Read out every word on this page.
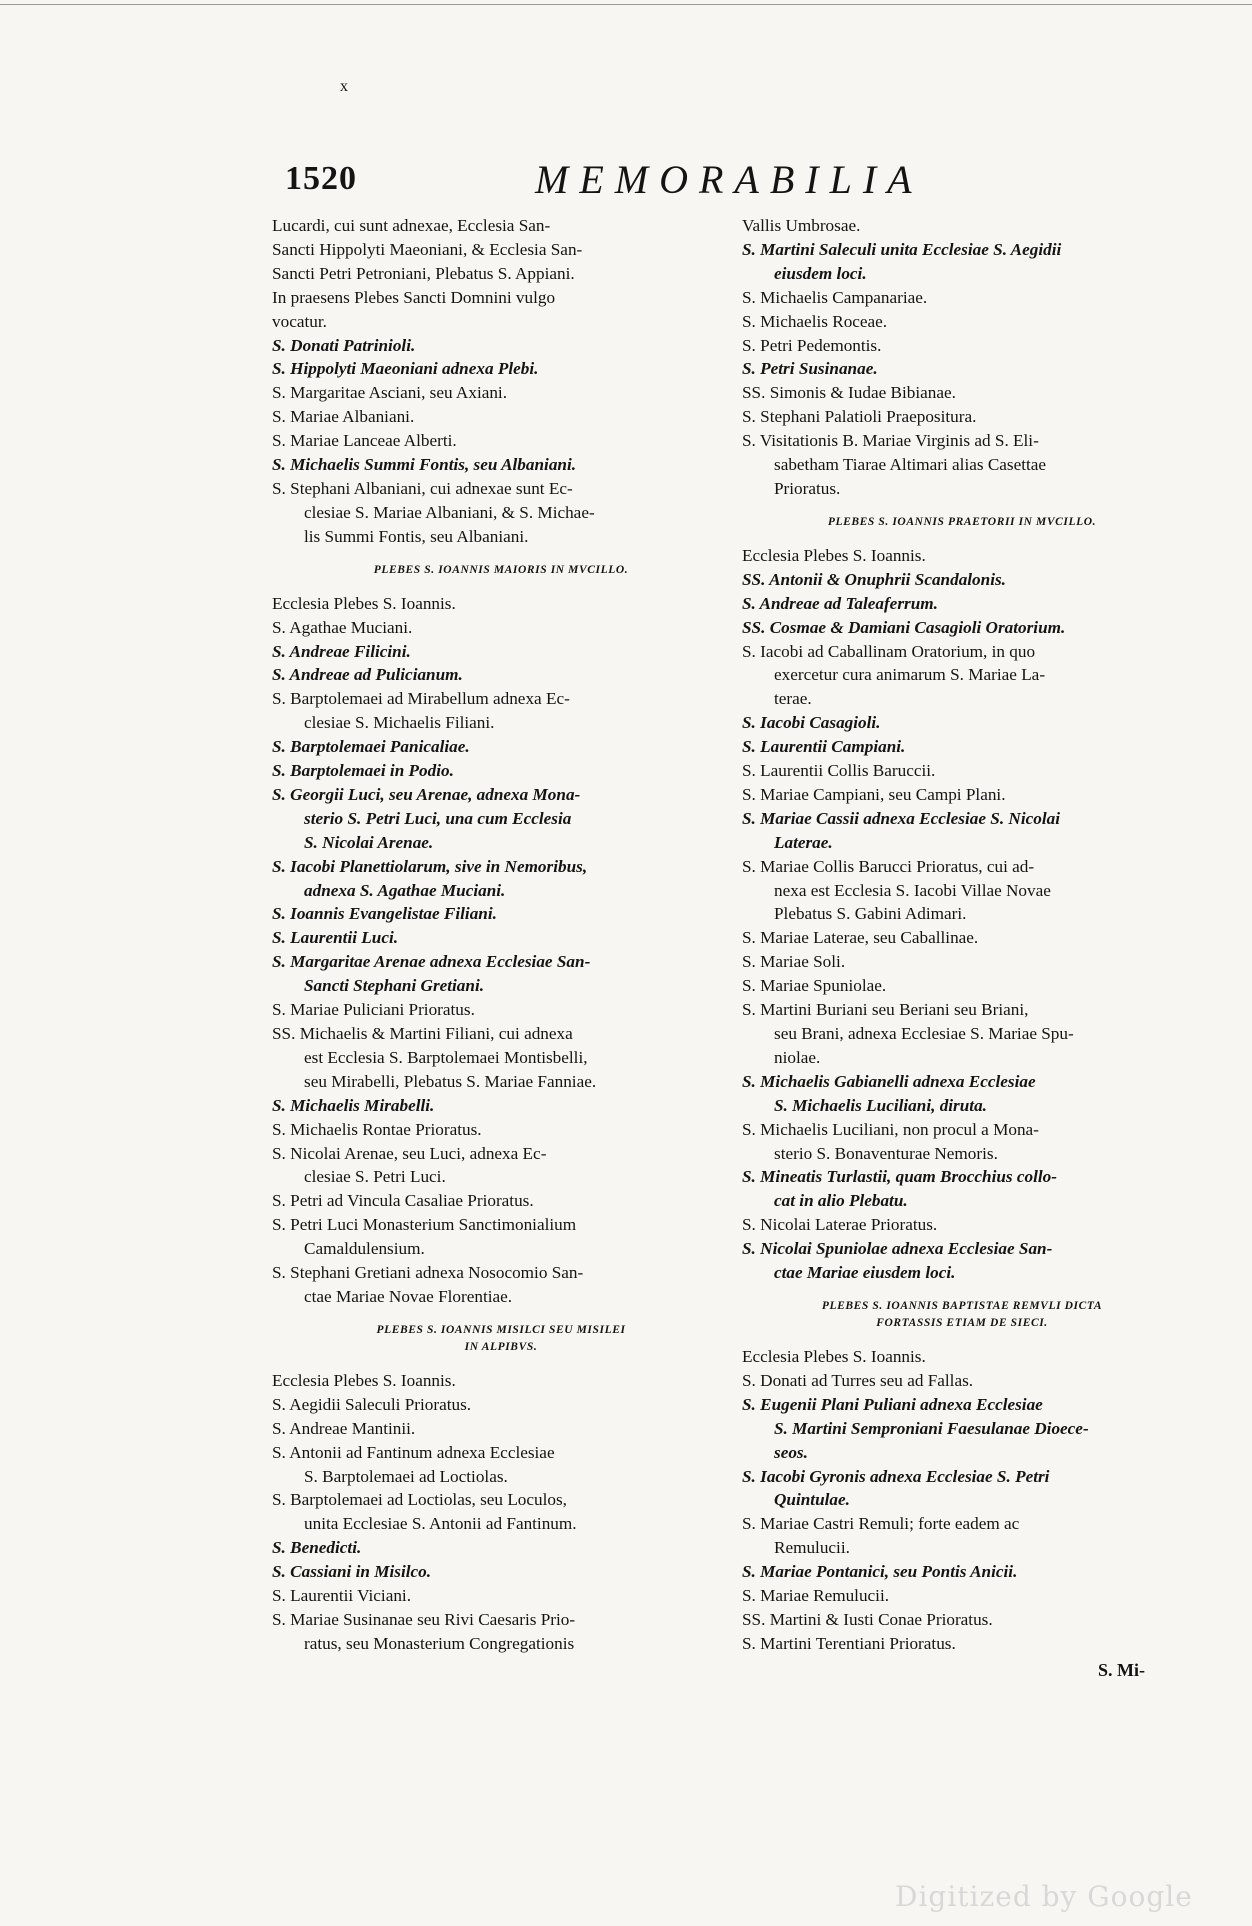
x
1520	MEMORABILIA
Lucardi, cui sunt adnexae, Ecclesia San-
Sancti Hippolyti Maeoniani, & Ecclesia San-
Sancti Petri Petroniani, Plebatus S. Appiani.
In praesens Plebes Sancti Domnini vulgo
vocatur.
S. Donati Patrinioli.
S. Hippolyti Maeoniani adnexa Plebi.
S. Margaritae Asciani, seu Axiani.
S. Mariae Albaniani.
S. Mariae Lanceae Alberti.
S. Michaelis Summi Fontis, seu Albaniani.
S. Stephani Albaniani, cui adnexae sunt Ec-
clesiae S. Mariae Albaniani, & S. Michae-
lis Summi Fontis, seu Albaniani.
PLEBES S. IOANNIS MAIORIS IN MVCILLO.
Ecclesia Plebes S. Ioannis.
S. Agathae Muciani.
S. Andreae Filicini.
S. Andreae ad Pulicianum.
S. Barptolemaei ad Mirabellum adnexa Ec-
clesiae S. Michaelis Filiani.
S. Barptolemaei Panicaliae.
S. Barptolemaei in Podio.
S. Georgii Luci, seu Arenae, adnexa Mona-
sterio S. Petri Luci, una cum Ecclesia
S. Nicolai Arenae.
S. Iacobi Planettiolarum, sive in Nemoribus,
adnexa S. Agathae Muciani.
S. Ioannis Evangelistae Filiani.
S. Laurentii Luci.
S. Margaritae Arenae adnexa Ecclesiae San-
Sancti Stephani Gretiani.
S. Mariae Puliciani Prioratus.
SS. Michaelis & Martini Filiani, cui adnexa
est Ecclesia S. Barptolemaei Montisbelli,
seu Mirabelli, Plebatus S. Mariae Fanniae.
S. Michaelis Mirabelli.
S. Michaelis Rontae Prioratus.
S. Nicolai Arenae, seu Luci, adnexa Ec-
clesiae S. Petri Luci.
S. Petri ad Vincula Casaliae Prioratus.
S. Petri Luci Monasterium Sanctimonialium
Camaldulensium.
S. Stephani Gretiani adnexa Nosocomio San-
ctae Mariae Novae Florentiae.
PLEBES S. IOANNIS MISILCI SEU MISILEI
IN ALPIBVS.
Ecclesia Plebes S. Ioannis.
S. Aegidii Saleculi Prioratus.
S. Andreae Mantinii.
S. Antonii ad Fantinum adnexa Ecclesiae
S. Barptolemaei ad Loctiolas.
S. Barptolemaei ad Loctiolas, seu Loculos,
unita Ecclesiae S. Antonii ad Fantinum.
S. Benedicti.
S. Cassiani in Misilco.
S. Laurentii Viciani.
S. Mariae Susinanae seu Rivi Caesaris Prio-
ratus, seu Monasterium Congregationis
Vallis Umbrosae.
S. Martini Saleculi unita Ecclesiae S. Aegidii
eiusdem loci.
S. Michaelis Campanariae.
S. Michaelis Roceae.
S. Petri Pedemontis.
S. Petri Susinanae.
SS. Simonis & Iudae Bibianae.
S. Stephani Palatioli Praepositura.
S. Visitationis B. Mariae Virginis ad S. Eli-
sabetham Tiarae Altimari alias Casettae
Prioratus.
PLEBES S. IOANNIS PRAETORII IN MVCILLO.
Ecclesia Plebes S. Ioannis.
SS. Antonii & Onuphrii Scandalonis.
S. Andreae ad Taleaferrum.
SS. Cosmae & Damiani Casagioli Oratorium.
S. Iacobi ad Caballinam Oratorium, in quo
exercetur cura animarum S. Mariae La-
terae.
S. Iacobi Casagioli.
S. Laurentii Campiani.
S. Laurentii Collis Baruccii.
S. Mariae Campiani, seu Campi Plani.
S. Mariae Cassii adnexa Ecclesiae S. Nicolai
Laterae.
S. Mariae Collis Barucci Prioratus, cui ad-
nexa est Ecclesia S. Iacobi Villae Novae
Plebatus S. Gabini Adimari.
S. Mariae Laterae, seu Caballinae.
S. Mariae Soli.
S. Mariae Spuniolae.
S. Martini Buriani seu Beriani seu Briani,
seu Brani, adnexa Ecclesiae S. Mariae Spu-
niolae.
S. Michaelis Gabianelli adnexa Ecclesiae
S. Michaelis Luciliani, diruta.
S. Michaelis Luciliani, non procul a Mona-
sterio S. Bonaventurae Nemoris.
S. Mineatis Turlastii, quam Brocchius collo-
cat in alio Plebatu.
S. Nicolai Laterae Prioratus.
S. Nicolai Spuniolae adnexa Ecclesiae San-
ctae Mariae eiusdem loci.
PLEBES S. IOANNIS BAPTISTAE REMVLI DICTA
FORTASSIS ETIAM DE SIECI.
Ecclesia Plebes S. Ioannis.
S. Donati ad Turres seu ad Fallas.
S. Eugenii Plani Puliani adnexa Ecclesiae
S. Martini Semproniani Faesulanae Dioece-
seos.
S. Iacobi Gyronis adnexa Ecclesiae S. Petri
Quintulae.
S. Mariae Castri Remuli; forte eadem ac
Remulucii.
S. Mariae Pontanici, seu Pontis Anicii.
S. Mariae Remulucii.
SS. Martini & Iusti Conae Prioratus.
S. Martini Terentiani Prioratus.
S. Mi-
Digitized by Google
